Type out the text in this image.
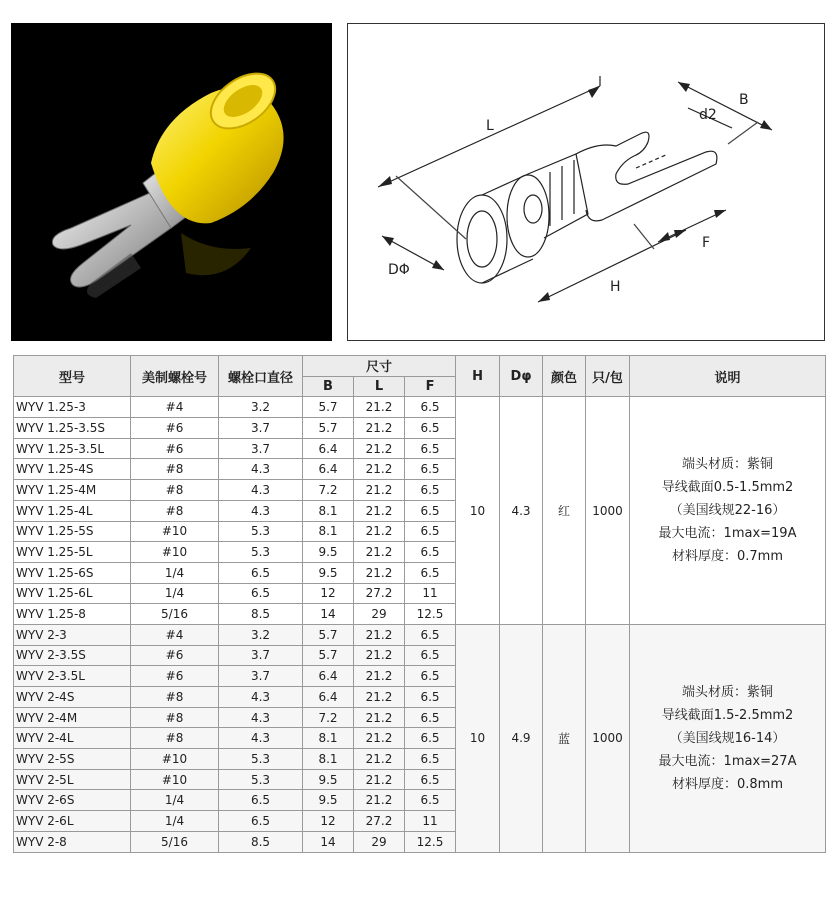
L
B
d2
F
H
DΦ
型号	美制螺栓号	螺栓口直径	尺寸			H	Dφ	颜色	只/包	说明
			B	L	F					
WYV 1.25-3	#4	3.2	5.7	21.2	6.5	10	4.3	红	1000	端头材质：紫铜
导线截面0.5-1.5mm2
（美国线规22-16）
最大电流：1max=19A
材料厚度：0.7mm

WYV 1.25-3.5S	#6	3.7	5.7	21.2	6.5					
WYV 1.25-3.5L	#6	3.7	6.4	21.2	6.5					
WYV 1.25-4S	#8	4.3	6.4	21.2	6.5					
WYV 1.25-4M	#8	4.3	7.2	21.2	6.5					
WYV 1.25-4L	#8	4.3	8.1	21.2	6.5					
WYV 1.25-5S	#10	5.3	8.1	21.2	6.5					
WYV 1.25-5L	#10	5.3	9.5	21.2	6.5					
WYV 1.25-6S	1/4	6.5	9.5	21.2	6.5					
WYV 1.25-6L	1/4	6.5	12	27.2	11					
WYV 1.25-8	5/16	8.5	14	29	12.5					
WYV 2-3	#4	3.2	5.7	21.2	6.5	10	4.9	蓝	1000	端头材质：紫铜
导线截面1.5-2.5mm2
（美国线规16-14）
最大电流：1max=27A
材料厚度：0.8mm

WYV 2-3.5S	#6	3.7	5.7	21.2	6.5					
WYV 2-3.5L	#6	3.7	6.4	21.2	6.5					
WYV 2-4S	#8	4.3	6.4	21.2	6.5					
WYV 2-4M	#8	4.3	7.2	21.2	6.5					
WYV 2-4L	#8	4.3	8.1	21.2	6.5					
WYV 2-5S	#10	5.3	8.1	21.2	6.5					
WYV 2-5L	#10	5.3	9.5	21.2	6.5					
WYV 2-6S	1/4	6.5	9.5	21.2	6.5					
WYV 2-6L	1/4	6.5	12	27.2	11					
WYV 2-8	5/16	8.5	14	29	12.5					
